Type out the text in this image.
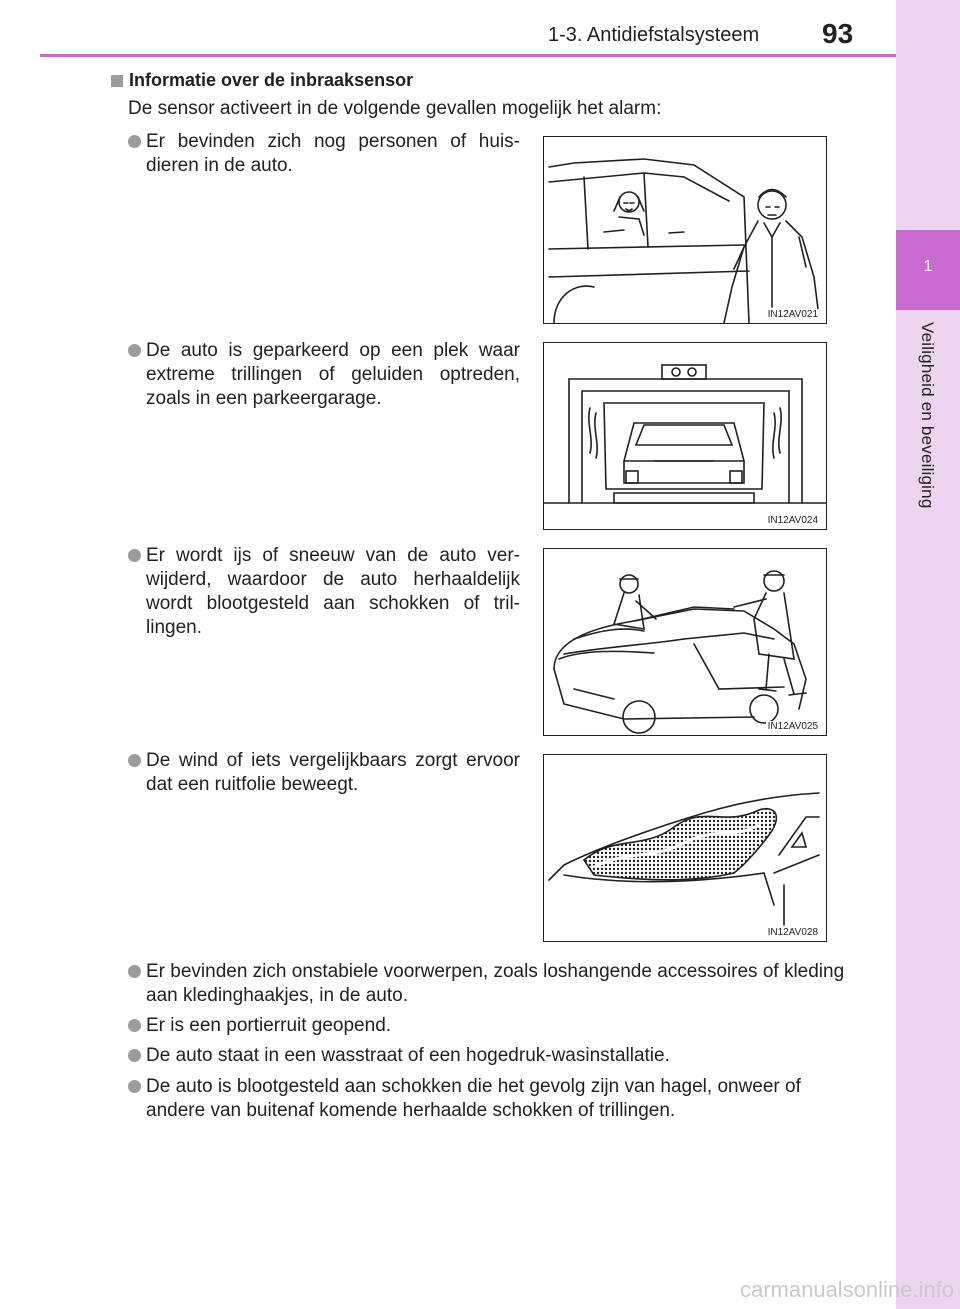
1-3. Antidiefstalsysteem 93
1
Veiligheid en beveiliging
Informatie over de inbraaksensor
De sensor activeert in de volgende gevallen mogelijk het alarm:
Er bevinden zich nog personen of huis-dieren in de auto.
De auto is geparkeerd op een plek waar extreme trillingen of geluiden optreden, zoals in een parkeergarage.
Er wordt ijs of sneeuw van de auto ver-wijderd, waardoor de auto herhaaldelijk wordt blootgesteld aan schokken of tril-lingen.
De wind of iets vergelijkbaars zorgt ervoor dat een ruitfolie beweegt.
Er bevinden zich onstabiele voorwerpen, zoals loshangende accessoires of kleding aan kledinghaakjes, in de auto.
Er is een portierruit geopend.
De auto staat in een wasstraat of een hogedruk-wasinstallatie.
De auto is blootgesteld aan schokken die het gevolg zijn van hagel, onweer of andere van buitenaf komende herhaalde schokken of trillingen.
IN12AV021
IN12AV024
IN12AV025
IN12AV028
carmanualsonline.info
